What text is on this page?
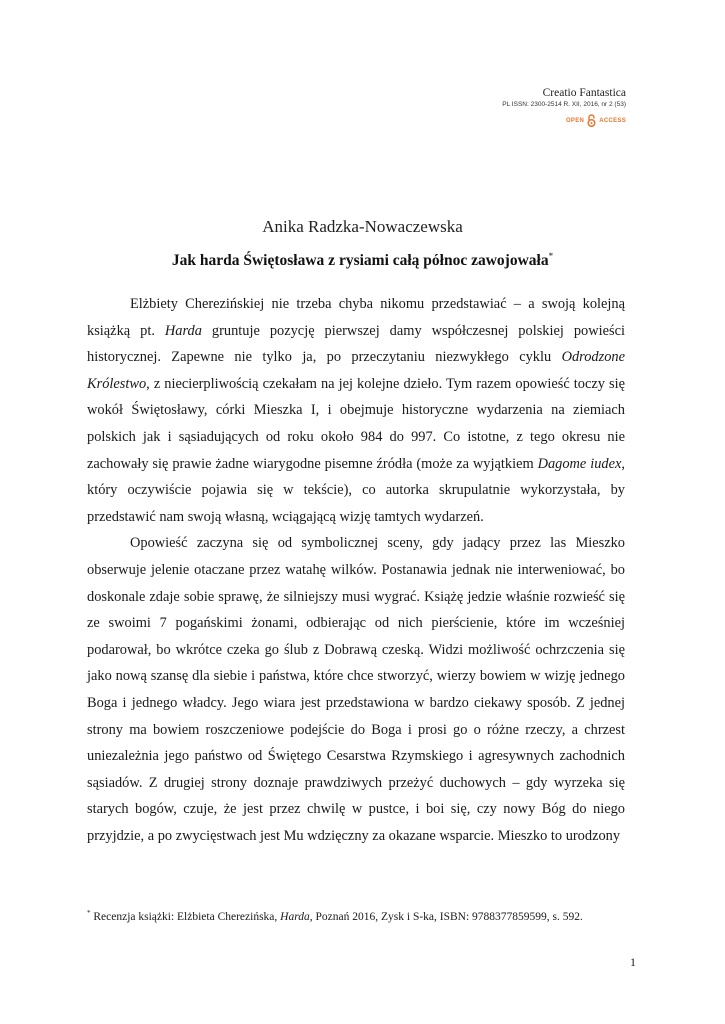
Creatio Fantastica
PL ISSN: 2300-2514 R. XII, 2016, nr 2 (53)
OPEN	ACCESS
Anika Radzka-Nowaczewska
Jak harda Świętosława z rysiami całą północ zawojowała*

Elżbiety Cherezińskiej nie trzeba chyba nikomu przedstawiać – a swoją kolejną książką pt. Harda gruntuje pozycję pierwszej damy współczesnej polskiej powieści historycznej. Zapewne nie tylko ja, po przeczytaniu niezwykłego cyklu Odrodzone Królestwo, z niecierpliwością czekałam na jej kolejne dzieło. Tym razem opowieść toczy się wokół Świętosławy, córki Mieszka I, i obejmuje historyczne wydarzenia na ziemiach polskich jak i sąsiadujących od roku około 984 do 997. Co istotne, z tego okresu nie zachowały się prawie żadne wiarygodne pisemne źródła (może za wyjątkiem Dagome iudex, który oczywiście pojawia się w tekście), co autorka skrupulatnie wykorzystała, by przedstawić nam swoją własną, wciągającą wizję tamtych wydarzeń.

Opowieść zaczyna się od symbolicznej sceny, gdy jadący przez las Mieszko obserwuje jelenie otaczane przez watahę wilków. Postanawia jednak nie interweniować, bo doskonale zdaje sobie sprawę, że silniejszy musi wygrać. Książę jedzie właśnie rozwieść się ze swoimi 7 pogańskimi żonami, odbierając od nich pierścienie, które im wcześniej podarował, bo wkrótce czeka go ślub z Dobrawą czeską. Widzi możliwość ochrzczenia się jako nową szansę dla siebie i państwa, które chce stworzyć, wierzy bowiem w wizję jednego Boga i jednego władcy. Jego wiara jest przedstawiona w bardzo ciekawy sposób. Z jednej strony ma bowiem roszczeniowe podejście do Boga i prosi go o różne rzeczy, a chrzest uniezależnia jego państwo od Świętego Cesarstwa Rzymskiego i agresywnych zachodnich sąsiadów. Z drugiej strony doznaje prawdziwych przeżyć duchowych – gdy wyrzeka się starych bogów, czuje, że jest przez chwilę w pustce, i boi się, czy nowy Bóg do niego przyjdzie, a po zwycięstwach jest Mu wdzięczny za okazane wsparcie. Mieszko to urodzony

* Recenzja książki: Elżbieta Cherezińska, Harda, Poznań 2016, Zysk i S-ka, ISBN: 9788377859599, s. 592.
1
